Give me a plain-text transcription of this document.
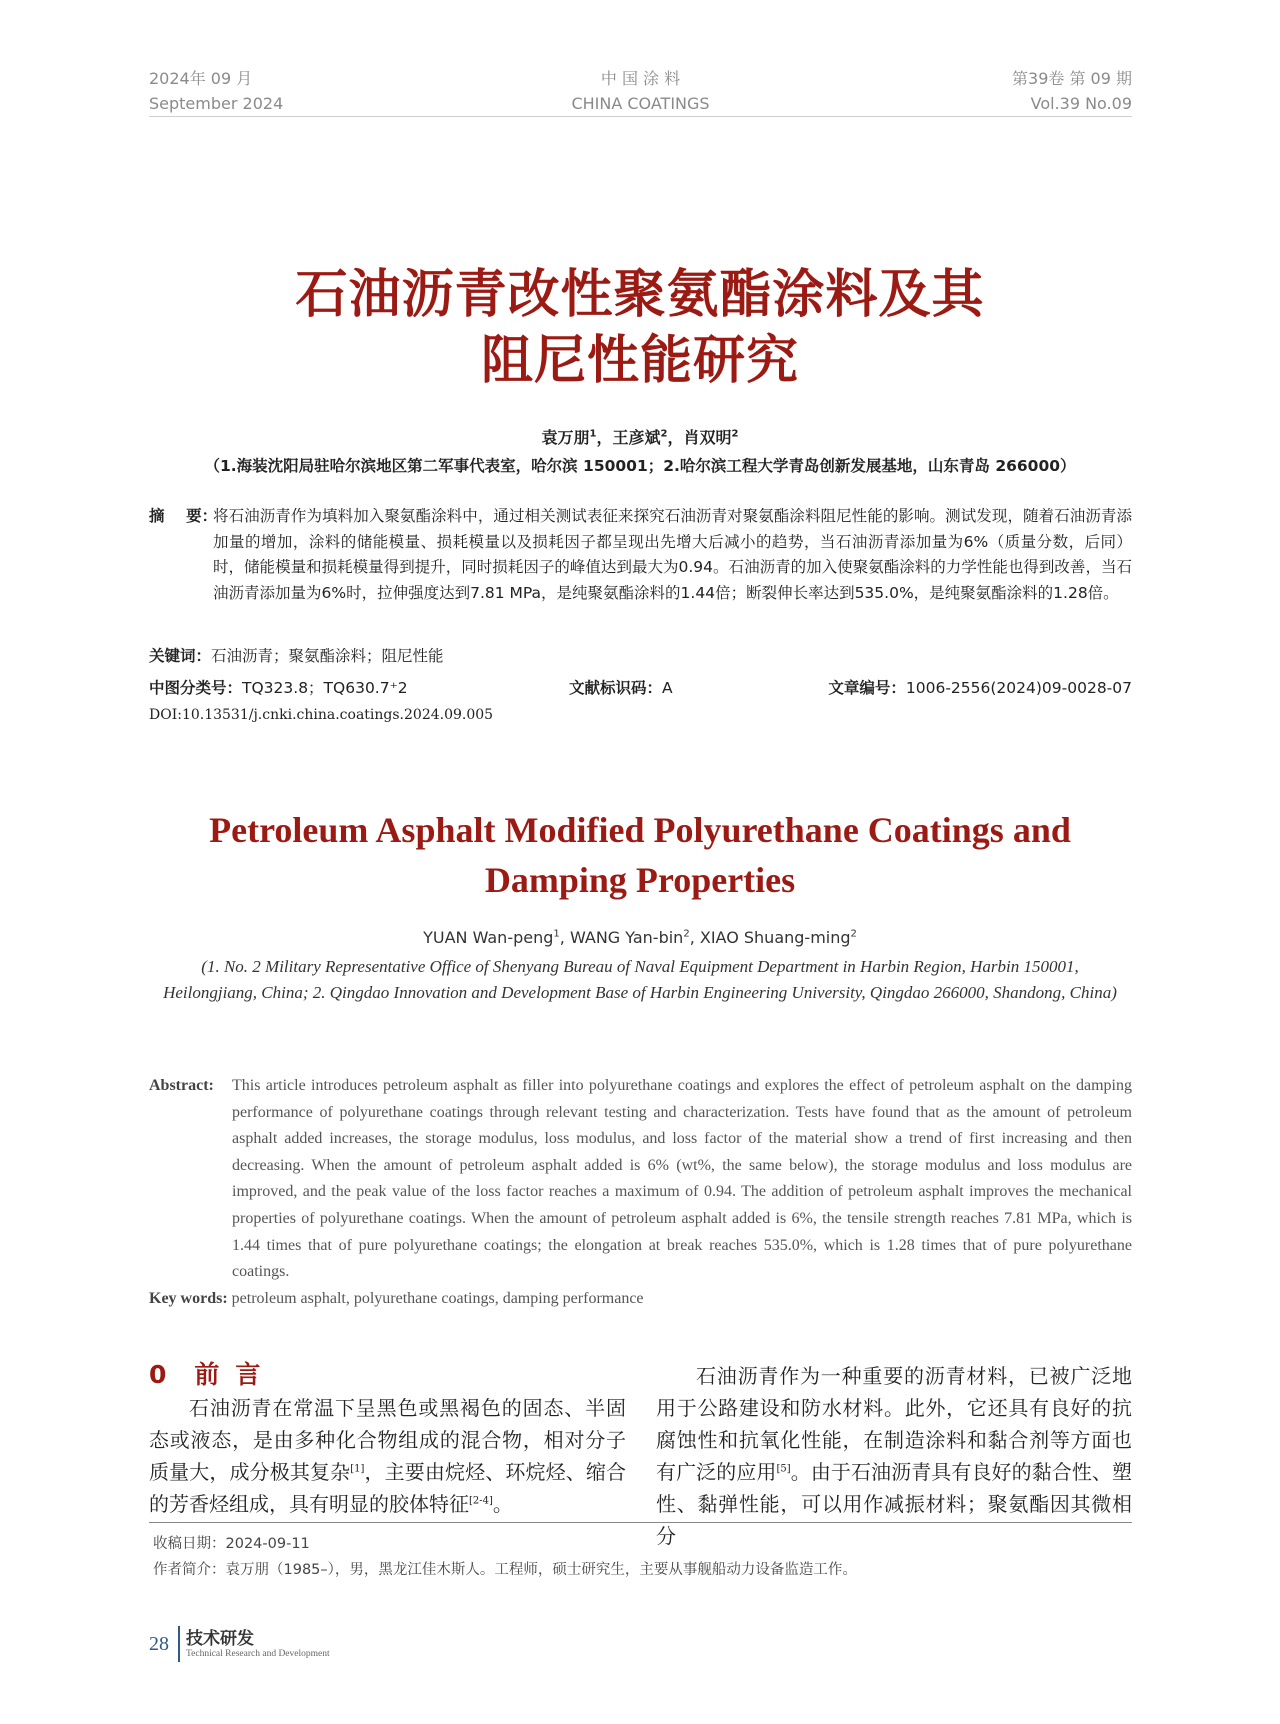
2024年 09 月
September 2024
中 国 涂 料
CHINA COATINGS
第39卷 第 09 期
Vol.39 No.09
石油沥青改性聚氨酯涂料及其
阻尼性能研究
袁万朋$^1$，王彦斌$^2$，肖双明$^2$
（1.海装沈阳局驻哈尔滨地区第二军事代表室，哈尔滨 150001；2.哈尔滨工程大学青岛创新发展基地，山东青岛 266000）
摘    要：
将石油沥青作为填料加入聚氨酯涂料中，通过相关测试表征来探究石油沥青对聚氨酯涂料阻尼性能的影响。测试发现，随着石油沥青添加量的增加，涂料的储能模量、损耗模量以及损耗因子都呈现出先增大后减小的趋势，当石油沥青添加量为6%（质量分数，后同）时，储能模量和损耗模量得到提升，同时损耗因子的峰值达到最大为0.94。石油沥青的加入使聚氨酯涂料的力学性能也得到改善，当石油沥青添加量为6%时，拉伸强度达到7.81 MPa，是纯聚氨酯涂料的1.44倍；断裂伸长率达到535.0%，是纯聚氨酯涂料的1.28倍。
关键词：石油沥青；聚氨酯涂料；阻尼性能
中图分类号：TQ323.8；TQ630.7⁺2	文献标识码：A	文章编号：1006-2556(2024)09-0028-07
DOI:10.13531/j.cnki.china.coatings.2024.09.005
Petroleum Asphalt Modified Polyurethane Coatings and
Damping Properties
YUAN Wan-peng$^1$, WANG Yan-bin$^2$, XIAO Shuang-ming$^2$
(1. No. 2 Military Representative Office of Shenyang Bureau of Naval Equipment Department in Harbin Region, Harbin 150001, Heilongjiang, China; 2. Qingdao Innovation and Development Base of Harbin Engineering University, Qingdao 266000, Shandong, China)
Abstract: This article introduces petroleum asphalt as filler into polyurethane coatings and explores the effect of petroleum asphalt on the damping performance of polyurethane coatings through relevant testing and characterization. Tests have found that as the amount of petroleum asphalt added increases, the storage modulus, loss modulus, and loss factor of the material show a trend of first increasing and then decreasing. When the amount of petroleum asphalt added is 6% (wt%, the same below), the storage modulus and loss modulus are improved, and the peak value of the loss factor reaches a maximum of 0.94. The addition of petroleum asphalt improves the mechanical properties of polyurethane coatings. When the amount of petroleum asphalt added is 6%, the tensile strength reaches 7.81 MPa, which is 1.44 times that of pure polyurethane coatings; the elongation at break reaches 535.0%, which is 1.28 times that of pure polyurethane coatings.
Key words: petroleum asphalt, polyurethane coatings, damping performance
0 前言

石油沥青在常温下呈黑色或黑褐色的固态、半固态或液态，是由多种化合物组成的混合物，相对分子质量大，成分极其复杂[1]，主要由烷烃、环烷烃、缩合的芳香烃组成，具有明显的胶体特征[2-4]。

石油沥青作为一种重要的沥青材料，已被广泛地用于公路建设和防水材料。此外，它还具有良好的抗腐蚀性和抗氧化性能，在制造涂料和黏合剂等方面也有广泛的应用[5]。由于石油沥青具有良好的黏合性、塑性、黏弹性能，可以用作减振材料；聚氨酯因其微相分

收稿日期：2024-09-11
作者简介：袁万朋（1985–），男，黑龙江佳木斯人。工程师，硕士研究生，主要从事舰船动力设备监造工作。
28 技术研发
Technical Research and Development
